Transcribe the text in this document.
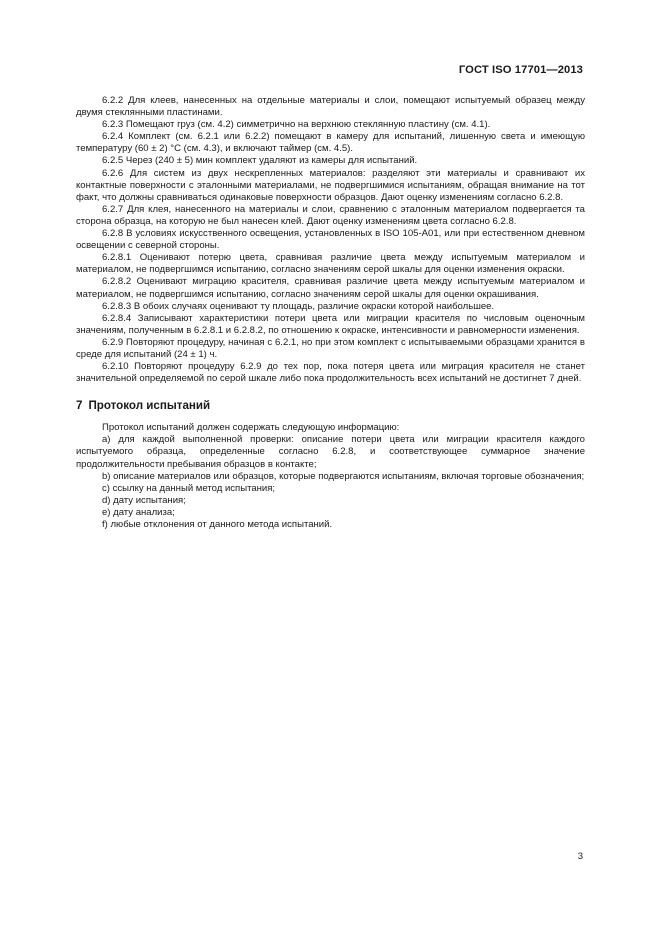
ГОСТ ISO 17701—2013

6.2.2 Для клеев, нанесенных на отдельные материалы и слои, помещают испытуемый образец между двумя стеклянными пластинами.

6.2.3 Помещают груз (см. 4.2) симметрично на верхнюю стеклянную пластину (см. 4.1).

6.2.4 Комплект (см. 6.2.1 или 6.2.2) помещают в камеру для испытаний, лишенную света и имеющую температуру (60 ± 2) °С (см. 4.3), и включают таймер (см. 4.5).

6.2.5 Через (240 ± 5) мин комплект удаляют из камеры для испытаний.

6.2.6 Для систем из двух нескрепленных материалов: разделяют эти материалы и сравнивают их контактные поверхности с эталонными материалами, не подвергшимися испытаниям, обращая внимание на тот факт, что должны сравниваться одинаковые поверхности образцов. Дают оценку изменениям согласно 6.2.8.

6.2.7 Для клея, нанесенного на материалы и слои, сравнению с эталонным материалом подвергается та сторона образца, на которую не был нанесен клей. Дают оценку изменениям цвета согласно 6.2.8.

6.2.8 В условиях искусственного освещения, установленных в ISO 105-A01, или при естественном дневном освещении с северной стороны.

6.2.8.1 Оценивают потерю цвета, сравнивая различие цвета между испытуемым материалом и материалом, не подвергшимся испытанию, согласно значениям серой шкалы для оценки изменения окраски.

6.2.8.2 Оценивают миграцию красителя, сравнивая различие цвета между испытуемым материалом и материалом, не подвергшимся испытанию, согласно значениям серой шкалы для оценки окрашивания.

6.2.8.3 В обоих случаях оценивают ту площадь, различие окраски которой наибольшее.

6.2.8.4 Записывают характеристики потери цвета или миграции красителя по числовым оценочным значениям, полученным в 6.2.8.1 и 6.2.8.2, по отношению к окраске, интенсивности и равномерности изменения.

6.2.9 Повторяют процедуру, начиная с 6.2.1, но при этом комплект с испытываемыми образцами хранится в среде для испытаний (24 ± 1) ч.

6.2.10 Повторяют процедуру 6.2.9 до тех пор, пока потеря цвета или миграция красителя не станет значительной определяемой по серой шкале либо пока продолжительность всех испытаний не достигнет 7 дней.

7 Протокол испытаний

Протокол испытаний должен содержать следующую информацию:

a) для каждой выполненной проверки: описание потери цвета или миграции красителя каждого испытуемого образца, определенные согласно 6.2.8, и соответствующее суммарное значение продолжительности пребывания образцов в контакте;

b) описание материалов или образцов, которые подвергаются испытаниям, включая торговые обозначения;

c) ссылку на данный метод испытания;

d) дату испытания;

e) дату анализа;

f) любые отклонения от данного метода испытаний.

3
